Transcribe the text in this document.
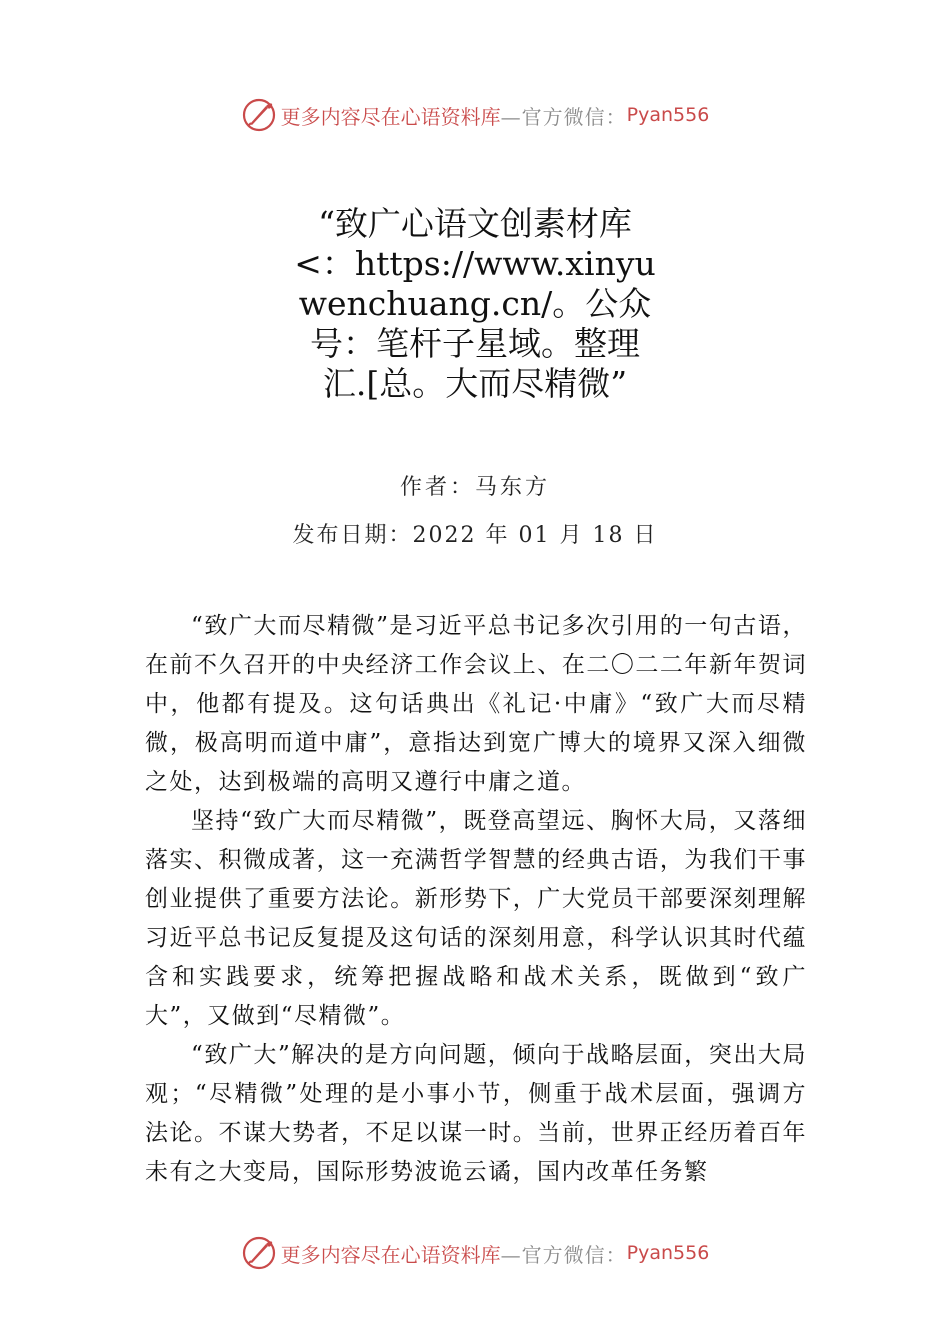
更多内容尽在心语资料库 —官方微信： Pyan556
“致广心语文创素材库<：https://www.xinyuwenchuang.cn/。公众号：笔杆子星域。整理汇.[总。大而尽精微”
作者：马东方
发布日期：2022 年 01 月 18 日

“致广大而尽精微”是习近平总书记多次引用的一句古语，在前不久召开的中央经济工作会议上、在二〇二二年新年贺词中，他都有提及。这句话典出《礼记·中庸》“致广大而尽精微，极高明而道中庸”，意指达到宽广博大的境界又深入细微之处，达到极端的高明又遵行中庸之道。

坚持“致广大而尽精微”，既登高望远、胸怀大局，又落细落实、积微成著，这一充满哲学智慧的经典古语，为我们干事创业提供了重要方法论。新形势下，广大党员干部要深刻理解习近平总书记反复提及这句话的深刻用意，科学认识其时代蕴含和实践要求，统筹把握战略和战术关系，既做到“致广大”，又做到“尽精微”。

“致广大”解决的是方向问题，倾向于战略层面，突出大局观；“尽精微”处理的是小事小节，侧重于战术层面，强调方法论。不谋大势者，不足以谋一时。当前，世界正经历着百年未有之大变局，国际形势波诡云谲，国内改革任务繁

更多内容尽在心语资料库 —官方微信： Pyan556
